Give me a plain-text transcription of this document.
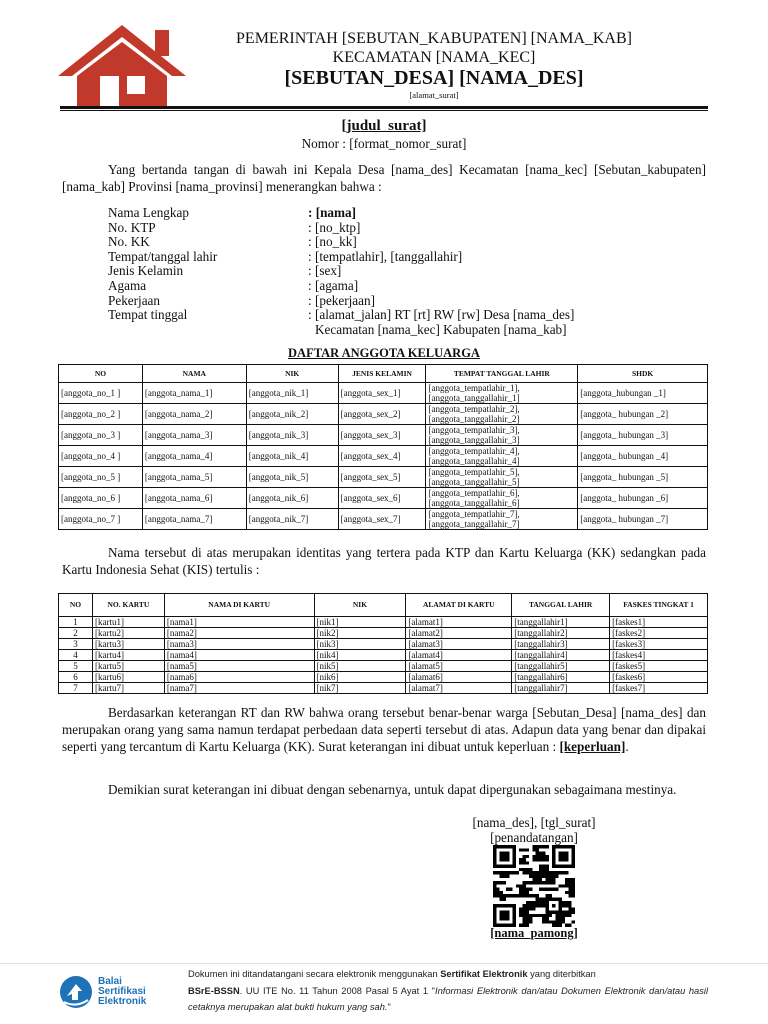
PEMERINTAH [SEBUTAN_KABUPATEN] [NAMA_KAB]
KECAMATAN [NAMA_KEC]
[SEBUTAN_DESA] [NAMA_DES]
[alamat_surat]
[judul_surat]
Nomor : [format_nomor_surat]
Yang bertanda tangan di bawah ini Kepala Desa [nama_des] Kecamatan [nama_kec] [Sebutan_kabupaten] [nama_kab] Provinsi [nama_provinsi] menerangkan bahwa :
Nama Lengkap	: [nama]
No. KTP	: [no_ktp]
No. KK	: [no_kk]
Tempat/tanggal lahir	: [tempatlahir], [tanggallahir]
Jenis Kelamin	: [sex]
Agama	: [agama]
Pekerjaan	: [pekerjaan]
Tempat tinggal	: [alamat_jalan] RT [rt] RW [rw] Desa [nama_des]
Kecamatan [nama_kec] Kabupaten [nama_kab]
DAFTAR ANGGOTA KELUARGA
NO	NAMA	NIK	JENIS KELAMIN	TEMPAT TANGGAL LAHIR	SHDK
[anggota_no_1 ]	[anggota_nama_1]	[anggota_nik_1]	[anggota_sex_1]	[anggota_tempatlahir_1],
[anggota_tanggallahir_1]	[anggota_hubungan _1]
[anggota_no_2 ]	[anggota_nama_2]	[anggota_nik_2]	[anggota_sex_2]	[anggota_tempatlahir_2],
[anggota_tanggallahir_2]	[anggota_ hubungan _2]
[anggota_no_3 ]	[anggota_nama_3]	[anggota_nik_3]	[anggota_sex_3]	[anggota_tempatlahir_3],
[anggota_tanggallahir_3]	[anggota_ hubungan _3]
[anggota_no_4 ]	[anggota_nama_4]	[anggota_nik_4]	[anggota_sex_4]	[anggota_tempatlahir_4],
[anggota_tanggallahir_4]	[anggota_ hubungan _4]
[anggota_no_5 ]	[anggota_nama_5]	[anggota_nik_5]	[anggota_sex_5]	[anggota_tempatlahir_5],
[anggota_tanggallahir_5]	[anggota_ hubungan _5]
[anggota_no_6 ]	[anggota_nama_6]	[anggota_nik_6]	[anggota_sex_6]	[anggota_tempatlahir_6],
[anggota_tanggallahir_6]	[anggota_ hubungan _6]
[anggota_no_7 ]	[anggota_nama_7]	[anggota_nik_7]	[anggota_sex_7]	[anggota_tempatlahir_7],
[anggota_tanggallahir_7]	[anggota_ hubungan _7]
Nama tersebut di atas merupakan identitas yang tertera pada KTP dan Kartu Keluarga (KK) sedangkan pada Kartu Indonesia Sehat (KIS) tertulis :
NO	NO. KARTU	NAMA DI KARTU	NIK	ALAMAT DI KARTU	TANGGAL LAHIR	FASKES TINGKAT 1
1	[kartu1]	[nama1]	[nik1]	[alamat1]	[tanggallahir1]	[faskes1]
2	[kartu2]	[nama2]	[nik2]	[alamat2]	[tanggallahir2]	[faskes2]
3	[kartu3]	[nama3]	[nik3]	[alamat3]	[tanggallahir3]	[faskes3]
4	[kartu4]	[nama4]	[nik4]	[alamat4]	[tanggallahir4]	[faskes4]
5	[kartu5]	[nama5]	[nik5]	[alamat5]	[tanggallahir5]	[faskes5]
6	[kartu6]	[nama6]	[nik6]	[alamat6]	[tanggallahir6]	[faskes6]
7	[kartu7]	[nama7]	[nik7]	[alamat7]	[tanggallahir7]	[faskes7]
Berdasarkan keterangan RT dan RW bahwa orang tersebut benar-benar warga [Sebutan_Desa] [nama_des] dan merupakan orang yang sama namun terdapat perbedaan data seperti tersebut di atas. Adapun data yang benar dan dipakai seperti yang tercantum di Kartu Keluarga (KK). Surat keterangan ini dibuat untuk keperluan : [keperluan].
Demikian surat keterangan ini dibuat dengan sebenarnya, untuk dapat dipergunakan sebagaimana mestinya.
[nama_des], [tgl_surat]
[penandatangan]
[nama_pamong]
Balai
Sertifikasi
Elektronik
Dokumen ini ditandatangani secara elektronik menggunakan Sertifikat Elektronik yang diterbitkan
BSrE-BSSN. UU ITE No. 11 Tahun 2008 Pasal 5 Ayat 1 "Informasi Elektronik dan/atau Dokumen Elektronik dan/atau hasil cetaknya merupakan alat bukti hukum yang sah."
